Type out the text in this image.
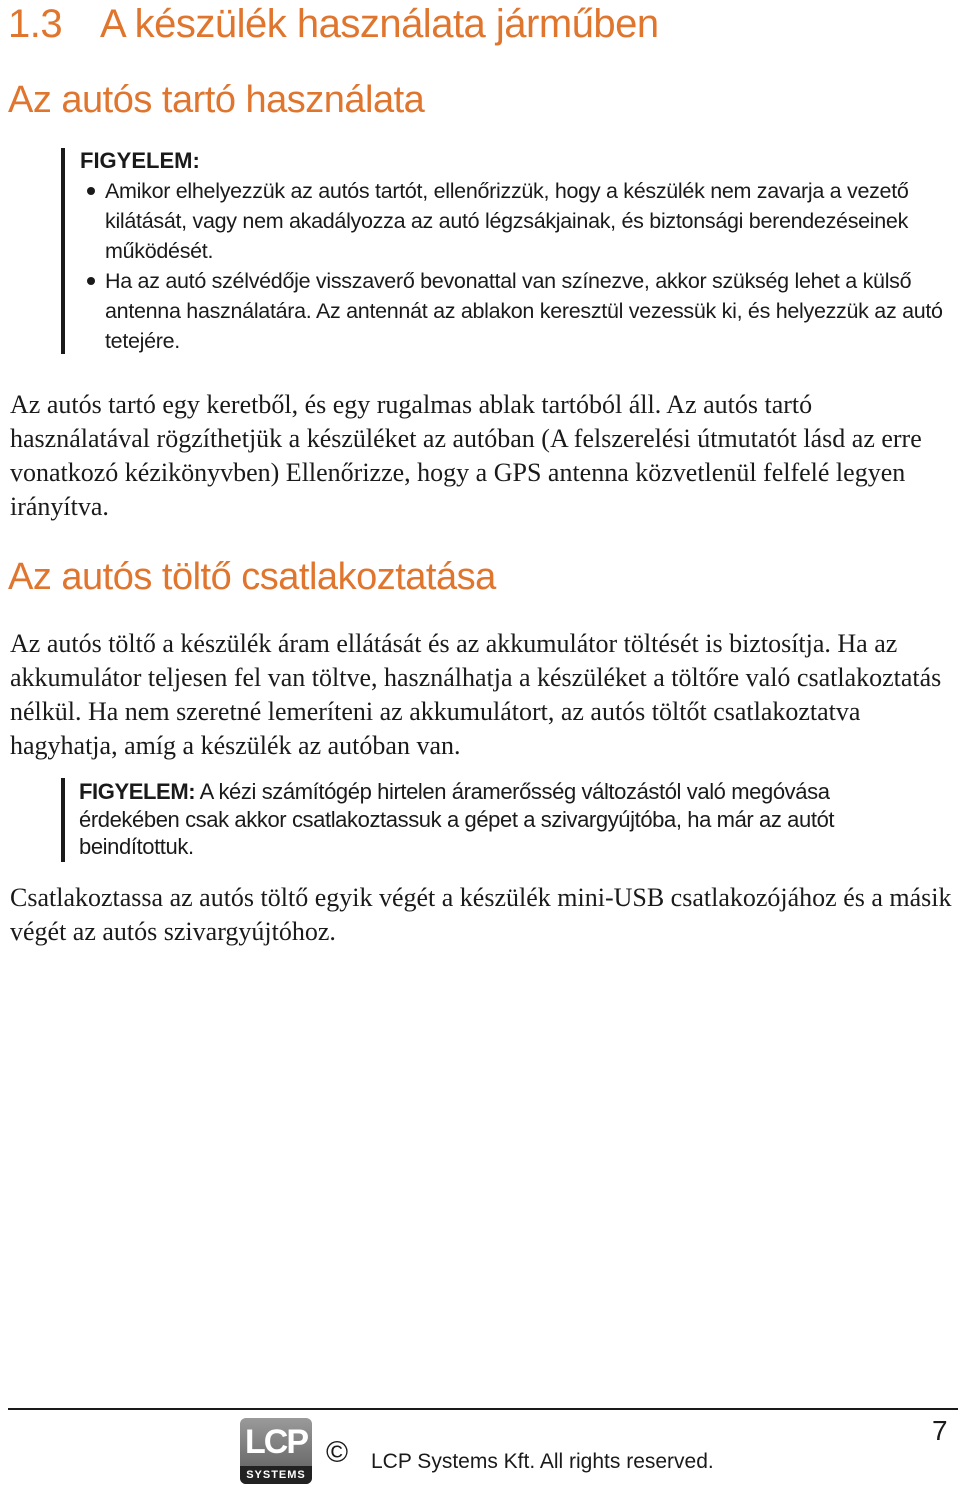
1.3 A készülék használata járműben
Az autós tartó használata

FIGYELEM:

Amikor elhelyezzük az autós tartót, ellenőrizzük, hogy a készülék nem zavarja a vezető kilátását, vagy nem akadályozza az autó légzsákjainak, és biztonsági berendezéseinek működését.
Ha az autó szélvédője visszaverő bevonattal van színezve, akkor szükség lehet a külső antenna használatára. Az antennát az ablakon keresztül vezessük ki, és helyezzük az autó tetejére.

Az autós tartó egy keretből, és egy rugalmas ablak tartóból áll. Az autós tartó használatával rögzíthetjük a készüléket az autóban (A felszerelési útmutatót lásd az erre vonatkozó kézikönyvben) Ellenőrizze, hogy a GPS antenna közvetlenül felfelé legyen irányítva.

Az autós töltő csatlakoztatása

Az autós töltő a készülék áram ellátását és az akkumulátor töltését is biztosítja. Ha az akkumulátor teljesen fel van töltve, használhatja a készüléket a töltőre való csatlakoztatás nélkül. Ha nem szeretné lemeríteni az akkumulátort, az autós töltőt csatlakoztatva hagyhatja, amíg a készülék az autóban van.

FIGYELEM: A kézi számítógép hirtelen áramerősség változástól való megóvása érdekében csak akkor csatlakoztassuk a gépet a szivargyújtóba, ha már az autót beindítottuk.

Csatlakoztassa az autós töltő egyik végét a készülék mini-USB csatlakozójához és a másik végét az autós szivargyújtóhoz.

LCP
SYSTEMS
© LCP Systems Kft. All rights reserved.
7
